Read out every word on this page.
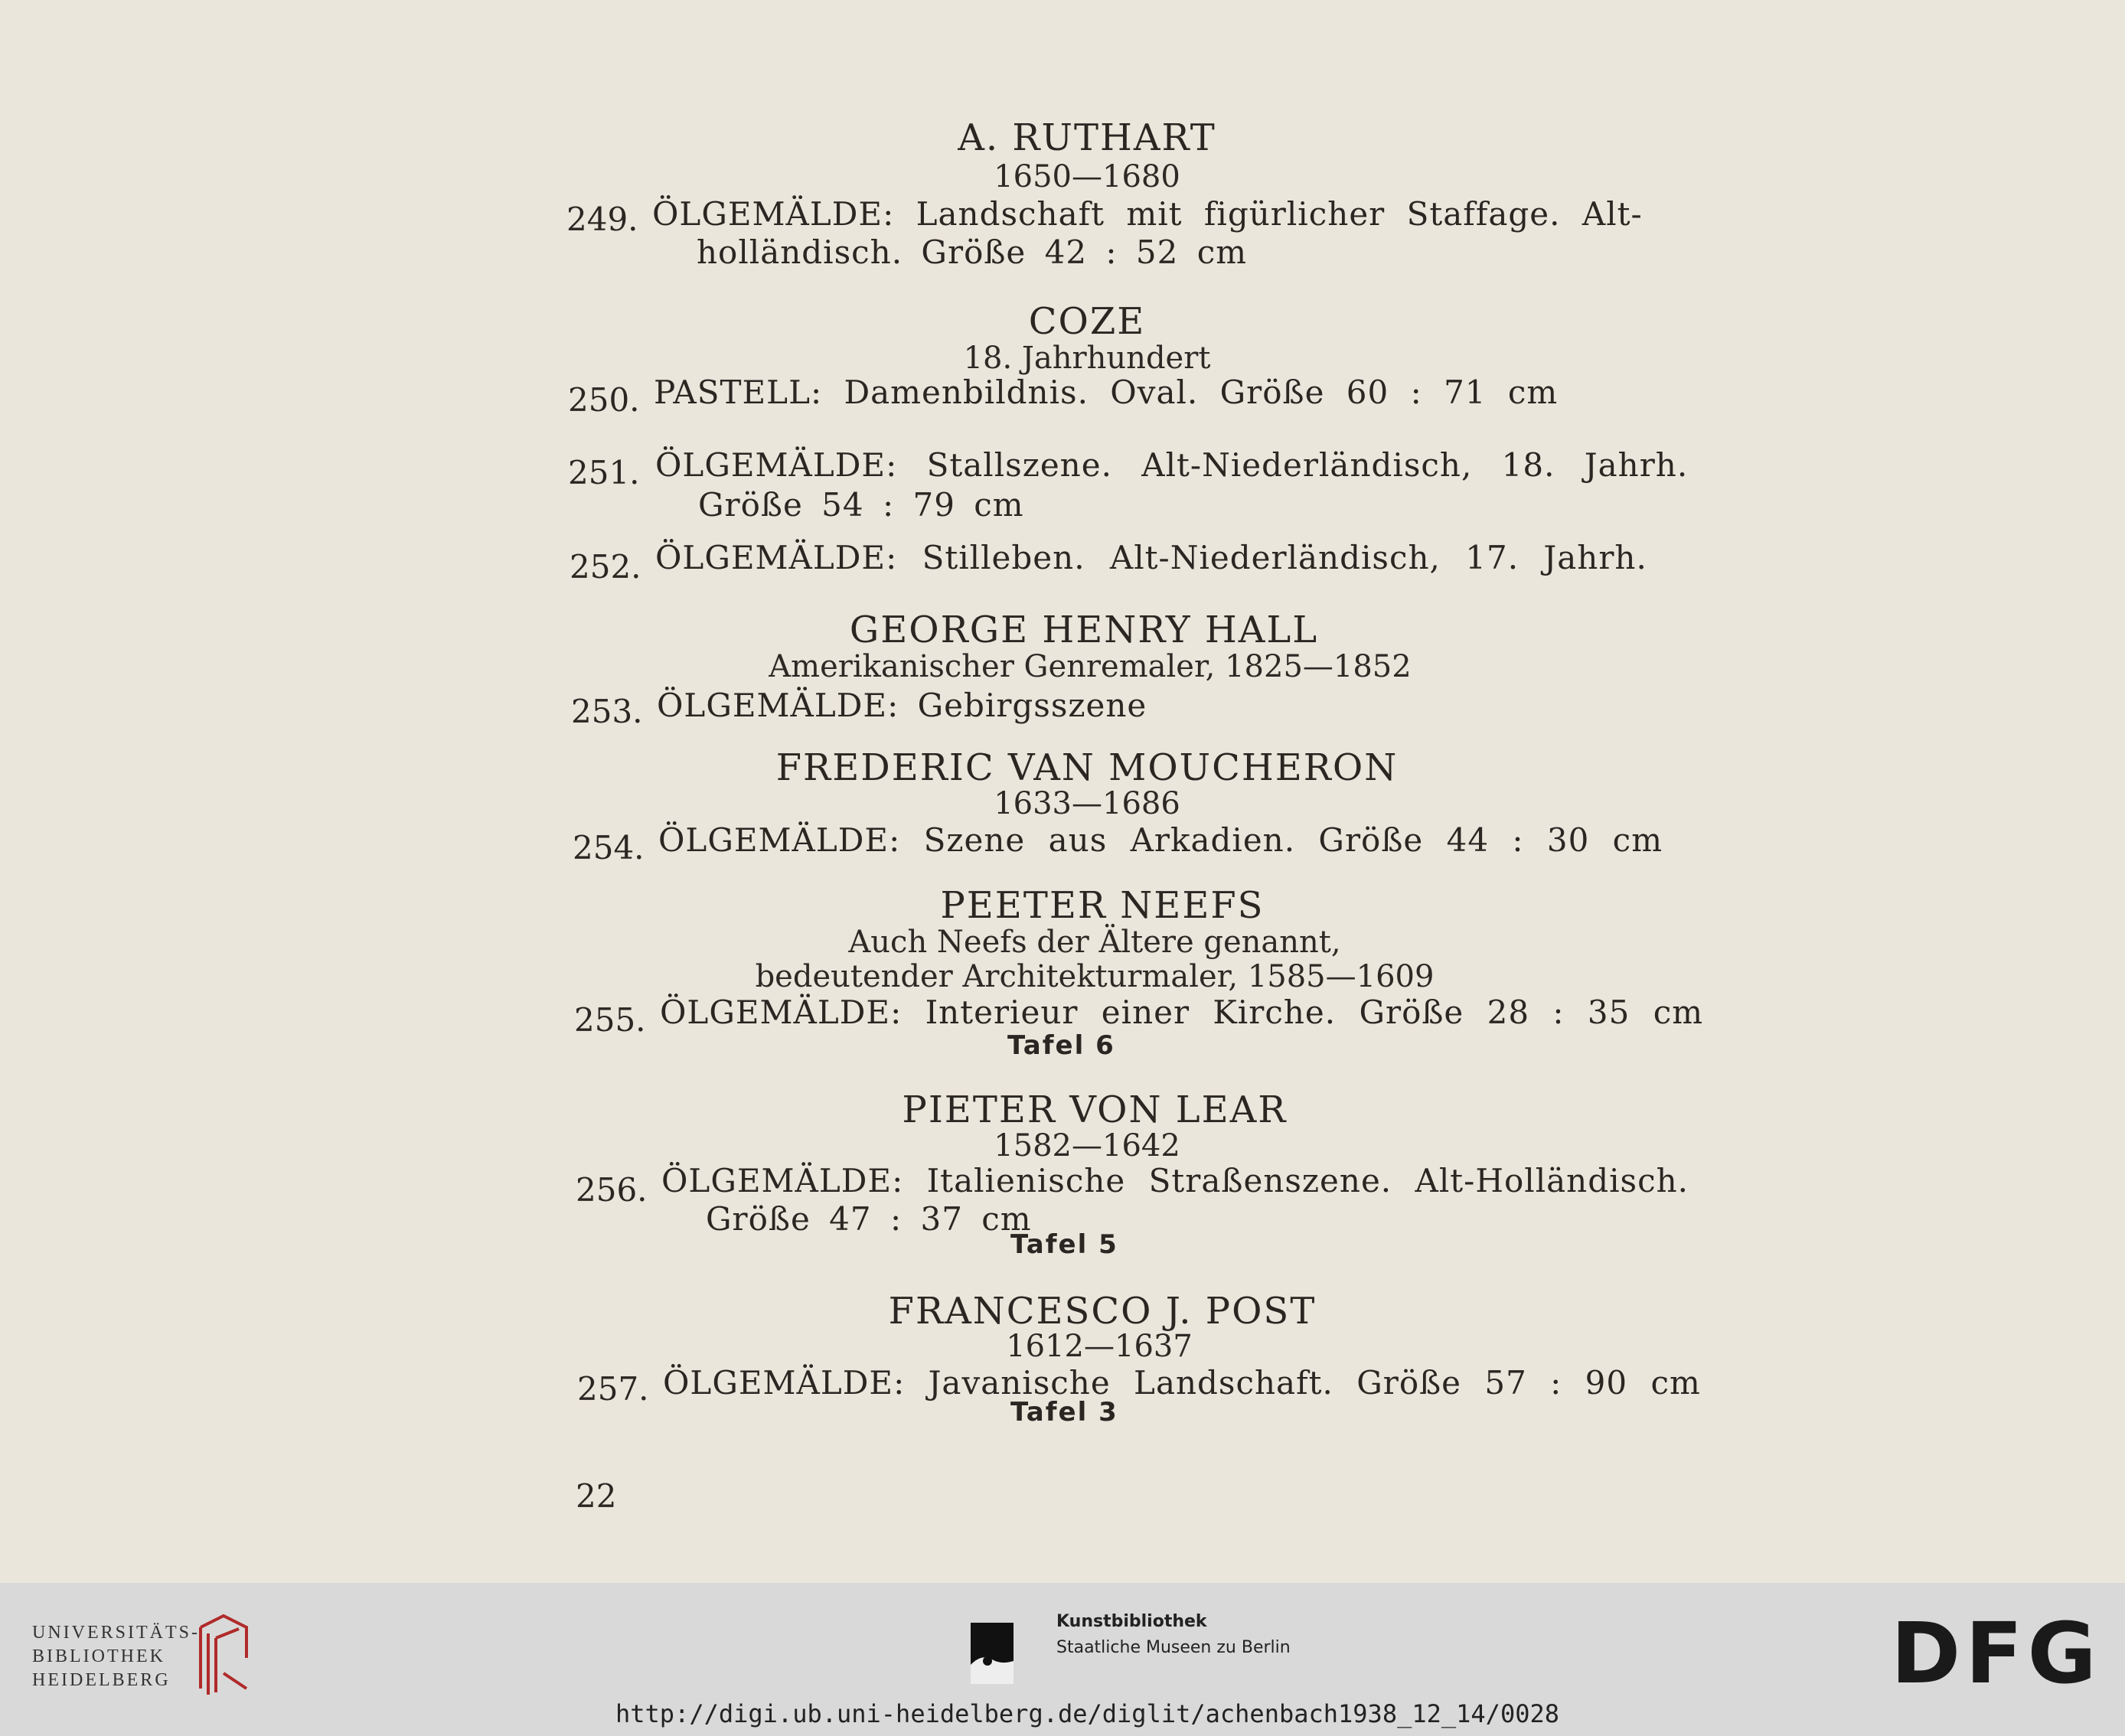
A. RUTHART
1650—1680
249. ÖLGEMÄLDE: Landschaft mit figürlicher Staffage. Alt-
holländisch. Größe 42 : 52 cm
COZE
18. Jahrhundert
250. PASTELL: Damenbildnis. Oval. Größe 60 : 71 cm
251. ÖLGEMÄLDE: Stallszene. Alt-Niederländisch, 18. Jahrh.
Größe 54 : 79 cm
252. ÖLGEMÄLDE: Stilleben. Alt-Niederländisch, 17. Jahrh.
GEORGE HENRY HALL
Amerikanischer Genremaler, 1825—1852
253. ÖLGEMÄLDE: Gebirgsszene
FREDERIC VAN MOUCHERON
1633—1686
254. ÖLGEMÄLDE: Szene aus Arkadien. Größe 44 : 30 cm
PEETER NEEFS
Auch Neefs der Ältere genannt,
bedeutender Architekturmaler, 1585—1609
255. ÖLGEMÄLDE: Interieur einer Kirche. Größe 28 : 35 cm
Tafel 6
PIETER VON LEAR
1582—1642
256. ÖLGEMÄLDE: Italienische Straßenszene. Alt-Holländisch.
Größe 47 : 37 cm
Tafel 5
FRANCESCO J. POST
1612—1637
257. ÖLGEMÄLDE: Javanische Landschaft. Größe 57 : 90 cm
Tafel 3
22
UNIVERSITÄTS-
BIBLIOTHEK
HEIDELBERG
Kunstbibliothek
Staatliche Museen zu Berlin	DFG
http://digi.ub.uni-heidelberg.de/diglit/achenbach1938_12_14/0028
